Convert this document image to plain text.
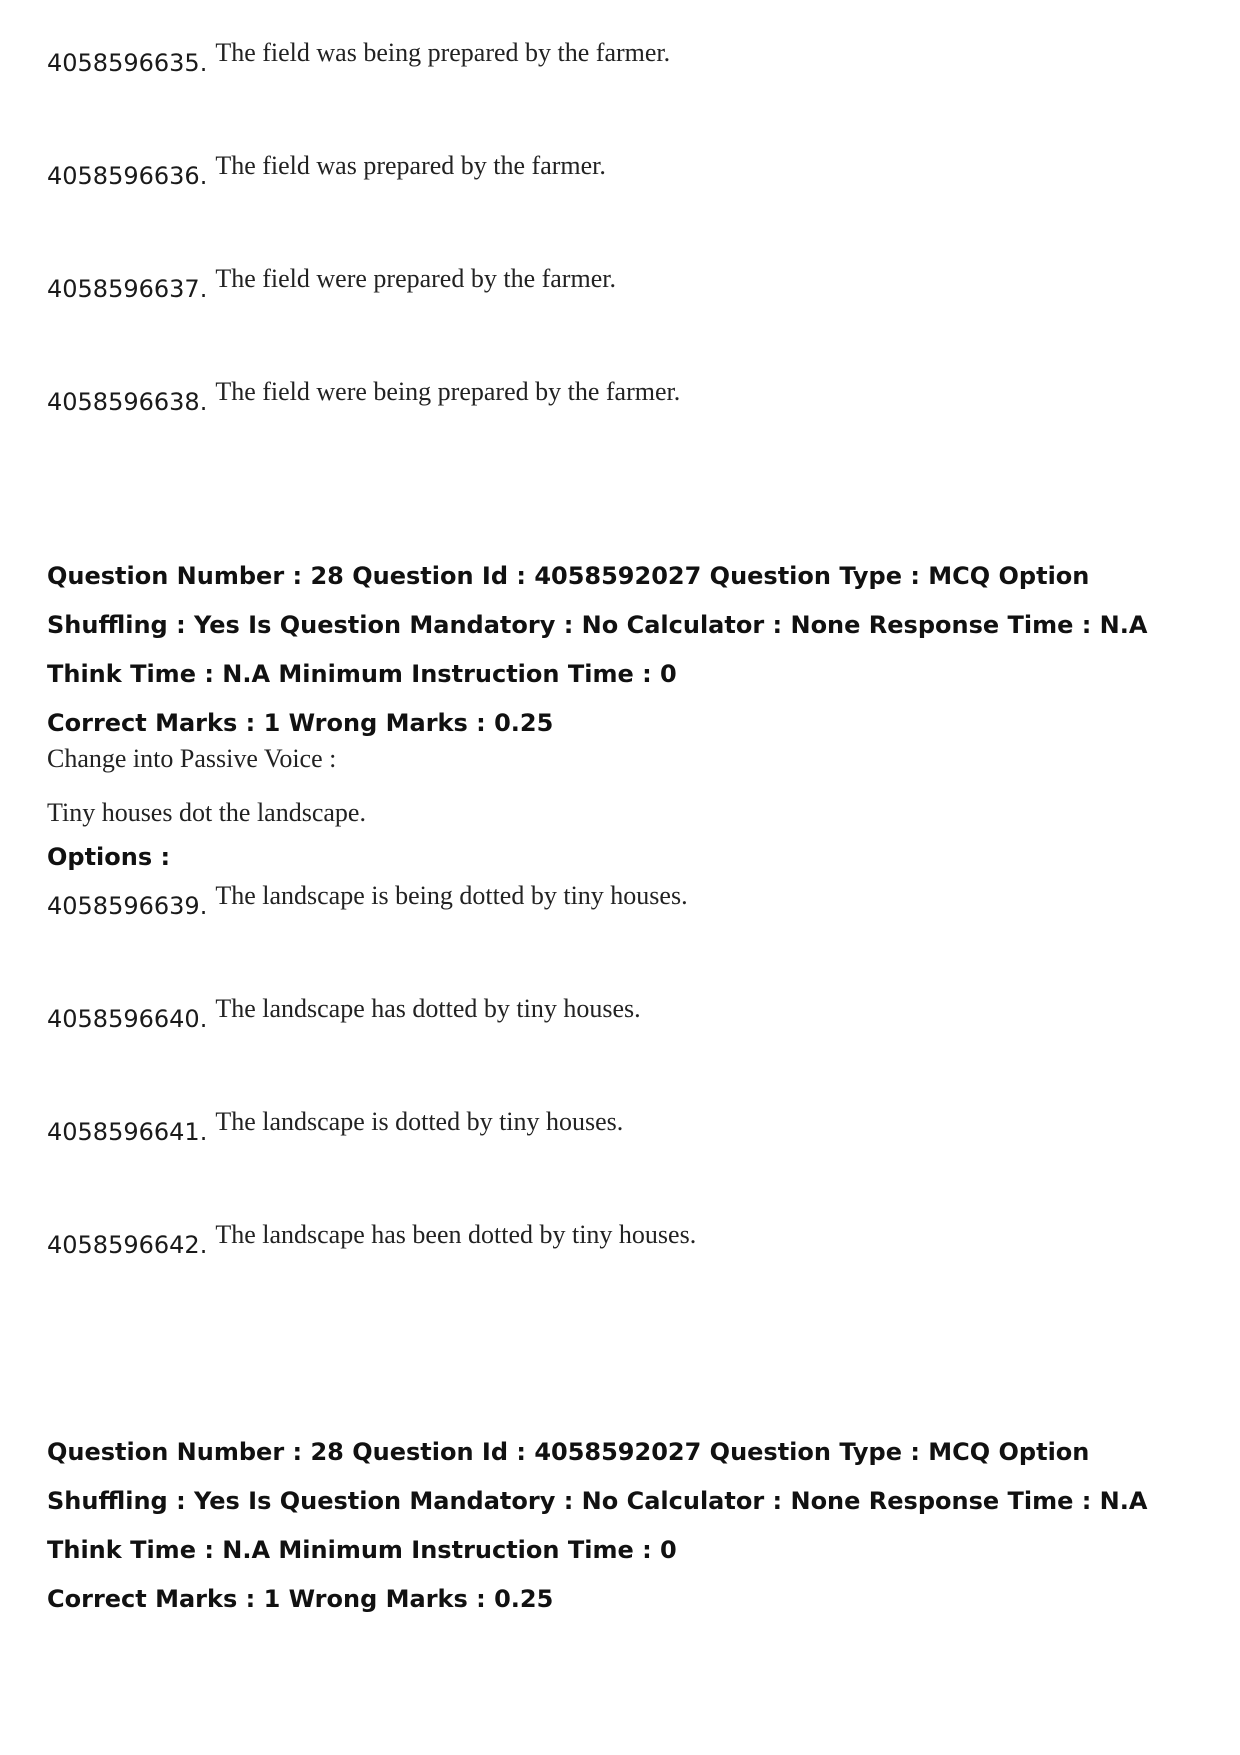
4058596635. The field was being prepared by the farmer.
4058596636. The field was prepared by the farmer.
4058596637. The field were prepared by the farmer.
4058596638. The field were being prepared by the farmer.
Question Number : 28 Question Id : 4058592027 Question Type : MCQ Option Shuffling : Yes Is Question Mandatory : No Calculator : None Response Time : N.A Think Time : N.A Minimum Instruction Time : 0
Correct Marks : 1 Wrong Marks : 0.25
Change into Passive Voice :
Tiny houses dot the landscape.
Options :
4058596639. The landscape is being dotted by tiny houses.
4058596640. The landscape has dotted by tiny houses.
4058596641. The landscape is dotted by tiny houses.
4058596642. The landscape has been dotted by tiny houses.
Question Number : 28 Question Id : 4058592027 Question Type : MCQ Option Shuffling : Yes Is Question Mandatory : No Calculator : None Response Time : N.A Think Time : N.A Minimum Instruction Time : 0
Correct Marks : 1 Wrong Marks : 0.25
